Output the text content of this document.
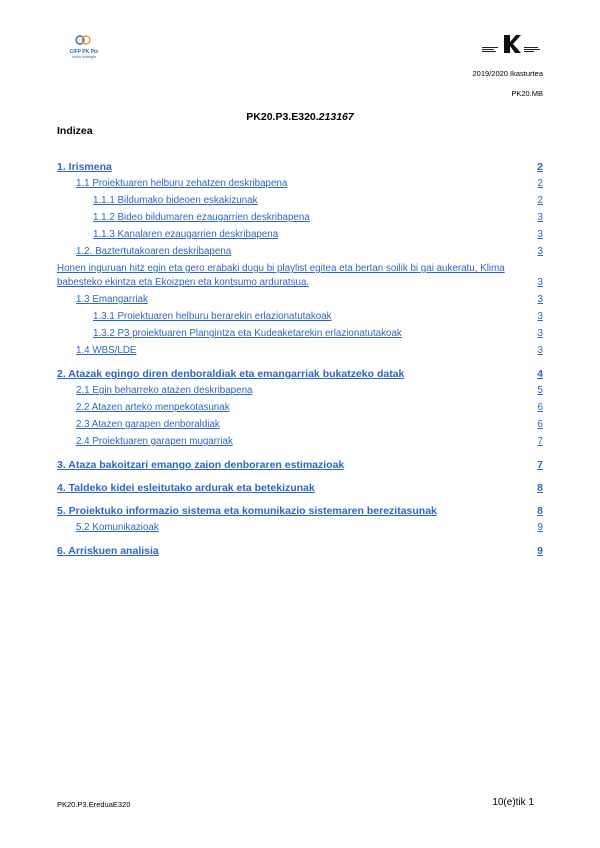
CIFP PK Ptx
Kultur Ikastegia
2019/2020 Ikasturtea
PK20.MB
PK20.P3.E320.213167
Indizea
1. Irismena	2
1.1 Proiektuaren helburu zehatzen deskribapena	2
1.1.1 Bildumako bideoen eskakizunak	2
1.1.2 Bideo bildumaren ezaugarrien deskribapena	3
1.1.3 Kanalaren ezaugarrien deskribapena	3
1.2. Baztertutakoaren deskribapena	3
Honen inguruan hitz egin eta gero erabaki dugu bi playlist egitea eta bertan soilik bi gai aukeratu, Klima babesteko ekintza eta Ekoizpen eta kontsumo arduratsua.	3
1.3 Emangarriak	3
1.3.1 Proiektuaren helburu berarekin erlazionatutakoak	3
1.3.2 P3 proiektuaren Plangintza eta Kudeaketarekin erlazionatutakoak	3
1.4 WBS/LDE	3
2. Atazak egingo diren denboraldiak eta emangarriak bukatzeko datak	4
2.1 Egin beharreko atazen deskribapena	5
2.2 Atazen arteko menpekotasunak	6
2.3 Atazen garapen denboraldiak	6
2.4 Proiektuaren garapen mugarriak	7
3. Ataza bakoitzari emango zaion denboraren estimazioak	7
4. Taldeko kidei esleitutako ardurak eta betekizunak	8
5. Proiektuko informazio sistema eta komunikazio sistemaren berezitasunak	8
5.2 Komunikazioak	9
6. Arriskuen analisia	9
PK20.P3.EreduaE320	10(e)tik 1
